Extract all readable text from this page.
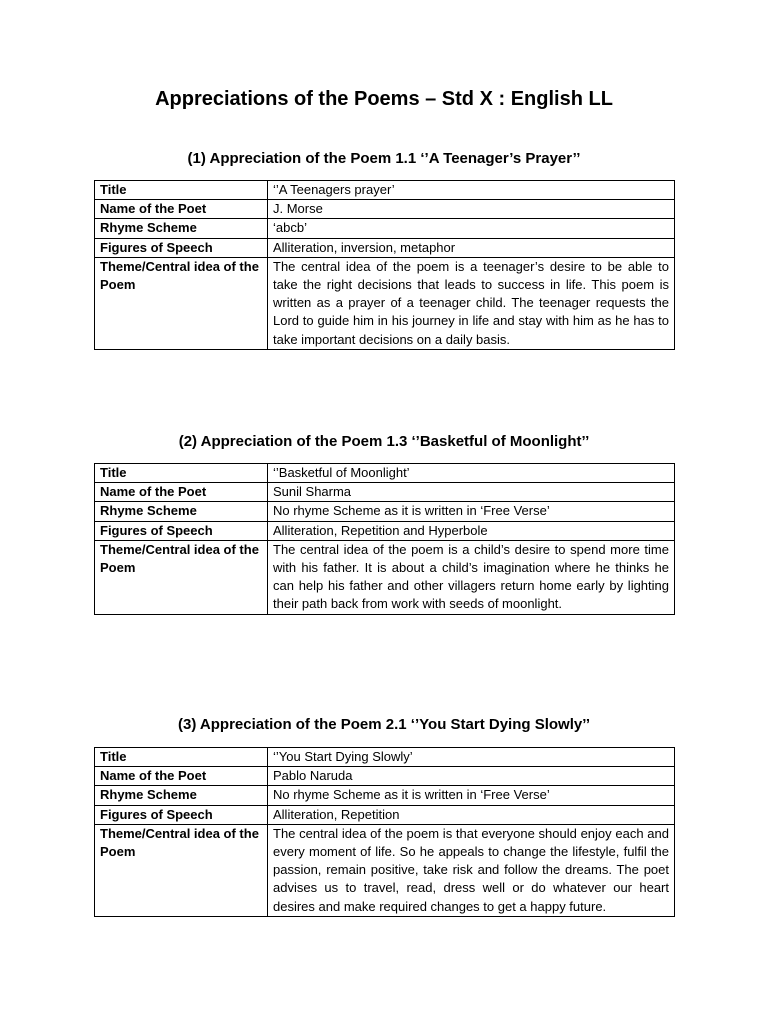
Appreciations of the Poems – Std X : English LL
(1) Appreciation of the Poem 1.1 ‘’A Teenager’s Prayer’’
Title	‘’A Teenagers prayer’
Name of the Poet	J. Morse
Rhyme Scheme	‘abcb’
Figures of Speech	Alliteration, inversion, metaphor
Theme/Central idea of the Poem	The central idea of the poem is a teenager’s desire to be able to take the right decisions that leads to success in life. This poem is written as a prayer of a teenager child. The teenager requests the Lord to guide him in his journey in life and stay with him as he has to take important decisions on a daily basis.
(2) Appreciation of the Poem 1.3 ‘’Basketful of Moonlight’’
Title	‘’Basketful of Moonlight’
Name of the Poet	Sunil Sharma
Rhyme Scheme	No rhyme Scheme as it is written in ‘Free Verse’
Figures of Speech	Alliteration, Repetition and Hyperbole
Theme/Central idea of the Poem	The central idea of the poem is a child’s desire to spend more time with his father. It is about a child’s imagination where he thinks he can help his father and other villagers return home early by lighting their path back from work with seeds of moonlight.
(3) Appreciation of the Poem 2.1 ‘’You Start Dying Slowly’’
Title	‘’You Start Dying Slowly’
Name of the Poet	Pablo Naruda
Rhyme Scheme	No rhyme Scheme as it is written in ‘Free Verse’
Figures of Speech	Alliteration, Repetition
Theme/Central idea of the Poem	The central idea of the poem is that everyone should enjoy each and every moment of life. So he appeals to change the lifestyle, fulfil the passion, remain positive, take risk and follow the dreams. The poet advises us to travel, read, dress well or do whatever our heart desires and make required changes to get a happy future.
